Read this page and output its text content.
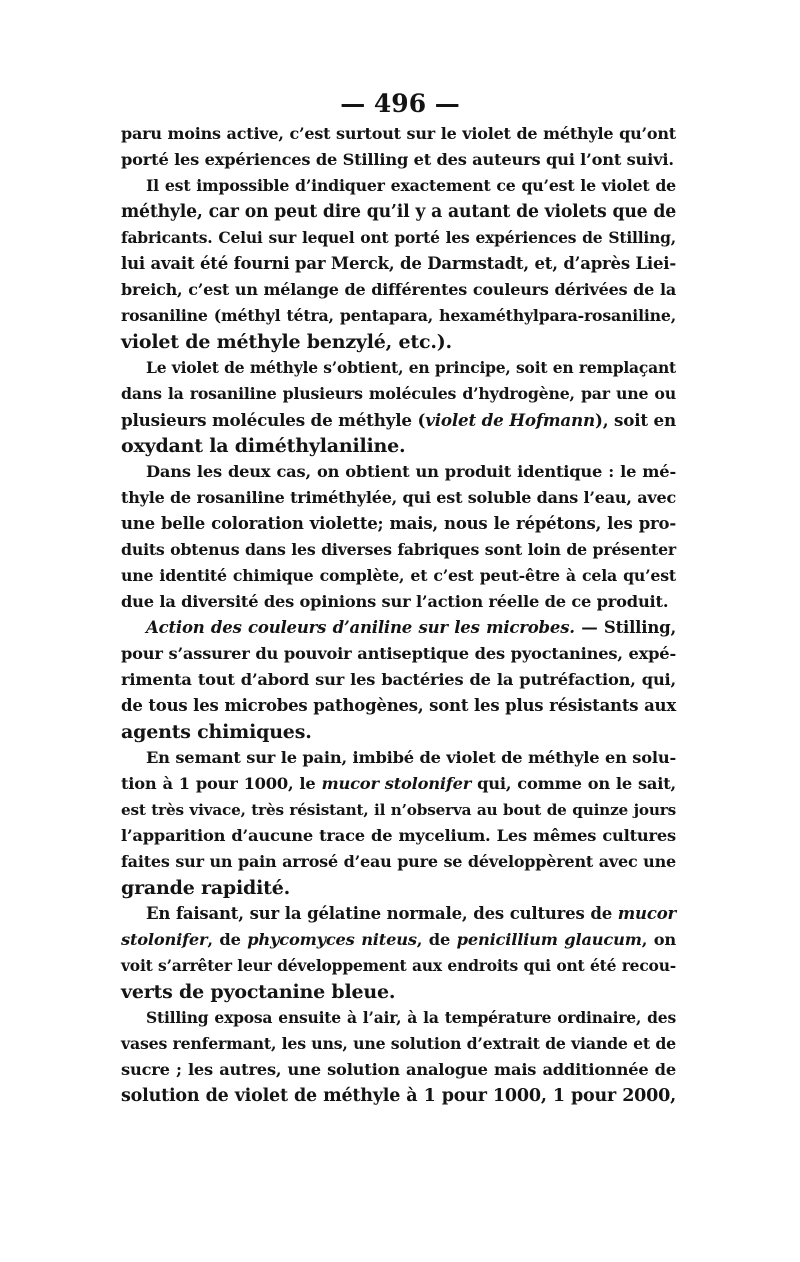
— 496 —
paru moins active, c’est surtout sur le violet de méthyle qu’ont
porté les expériences de Stilling et des auteurs qui l’ont suivi.
Il est impossible d’indiquer exactement ce qu’est le violet de
méthyle, car on peut dire qu’il y a autant de violets que de
fabricants. Celui sur lequel ont porté les expériences de Stilling,
lui avait été fourni par Merck, de Darmstadt, et, d’après Liei-
breich, c’est un mélange de différentes couleurs dérivées de la
rosaniline (méthyl tétra, pentapara, hexaméthylpara-rosaniline,
violet de méthyle benzylé, etc.).
Le violet de méthyle s’obtient, en principe, soit en remplaçant
dans la rosaniline plusieurs molécules d’hydrogène, par une ou
plusieurs molécules de méthyle (violet de Hofmann), soit en
oxydant la diméthylaniline.
Dans les deux cas, on obtient un produit identique : le mé-
thyle de rosaniline triméthylée, qui est soluble dans l’eau, avec
une belle coloration violette; mais, nous le répétons, les pro-
duits obtenus dans les diverses fabriques sont loin de présenter
une identité chimique complète, et c’est peut-être à cela qu’est
due la diversité des opinions sur l’action réelle de ce produit.
Action des couleurs d’aniline sur les microbes. — Stilling,
pour s’assurer du pouvoir antiseptique des pyoctanines, expé-
rimenta tout d’abord sur les bactéries de la putréfaction, qui,
de tous les microbes pathogènes, sont les plus résistants aux
agents chimiques.
En semant sur le pain, imbibé de violet de méthyle en solu-
tion à 1 pour 1000, le mucor stolonifer qui, comme on le sait,
est très vivace, très résistant, il n’observa au bout de quinze jours
l’apparition d’aucune trace de mycelium. Les mêmes cultures
faites sur un pain arrosé d’eau pure se développèrent avec une
grande rapidité.
En faisant, sur la gélatine normale, des cultures de mucor
stolonifer, de phycomyces niteus, de penicillium glaucum, on
voit s’arrêter leur développement aux endroits qui ont été recou-
verts de pyoctanine bleue.
Stilling exposa ensuite à l’air, à la température ordinaire, des
vases renfermant, les uns, une solution d’extrait de viande et de
sucre ; les autres, une solution analogue mais additionnée de
solution de violet de méthyle à 1 pour 1000, 1 pour 2000,
